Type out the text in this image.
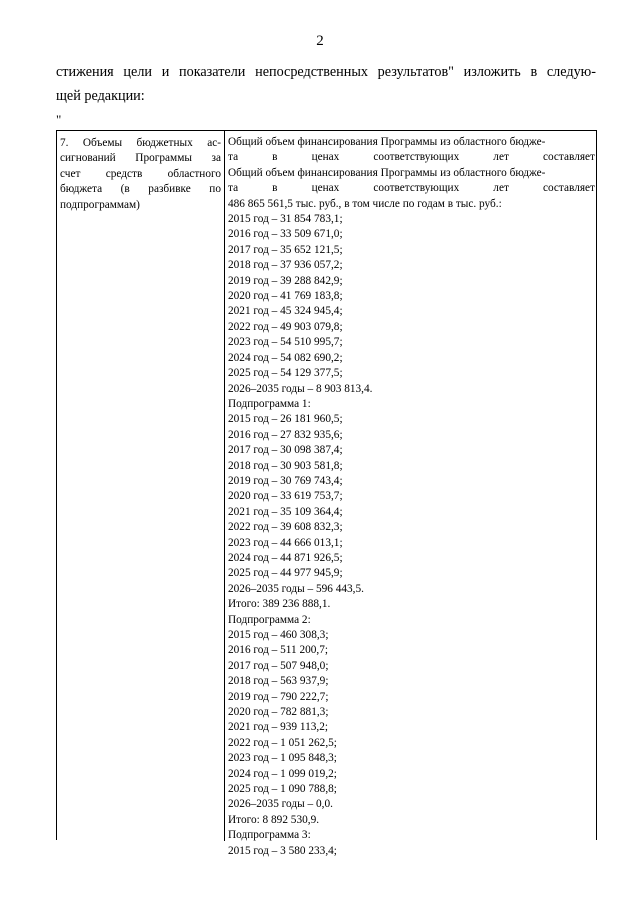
2
стижения цели и показатели непосредственных результатов" изложить в следую-
щей редакции:
"
7. Объемы бюджетных ас-
сигнований Программы за
счет средств областного
бюджета (в разбивке по
подпрограммам)
Общий объем финансирования Программы из областного бюдже-
та в ценах соответствующих лет составляет
Общий объем финансирования Программы из областного бюдже-
та в ценах соответствующих лет составляет
486 865 561,5 тыс. руб., в том числе по годам в тыс. руб.:
2015 год – 31 854 783,1;
2016 год – 33 509 671,0;
2017 год – 35 652 121,5;
2018 год – 37 936 057,2;
2019 год – 39 288 842,9;
2020 год – 41 769 183,8;
2021 год – 45 324 945,4;
2022 год – 49 903 079,8;
2023 год – 54 510 995,7;
2024 год – 54 082 690,2;
2025 год – 54 129 377,5;
2026–2035 годы – 8 903 813,4.
Подпрограмма 1:
2015 год – 26 181 960,5;
2016 год – 27 832 935,6;
2017 год – 30 098 387,4;
2018 год – 30 903 581,8;
2019 год – 30 769 743,4;
2020 год – 33 619 753,7;
2021 год – 35 109 364,4;
2022 год – 39 608 832,3;
2023 год – 44 666 013,1;
2024 год – 44 871 926,5;
2025 год – 44 977 945,9;
2026–2035 годы – 596 443,5.
Итого: 389 236 888,1.
Подпрограмма 2:
2015 год – 460 308,3;
2016 год – 511 200,7;
2017 год – 507 948,0;
2018 год – 563 937,9;
2019 год – 790 222,7;
2020 год – 782 881,3;
2021 год – 939 113,2;
2022 год – 1 051 262,5;
2023 год – 1 095 848,3;
2024 год – 1 099 019,2;
2025 год – 1 090 788,8;
2026–2035 годы – 0,0.
Итого: 8 892 530,9.
Подпрограмма 3:
2015 год – 3 580 233,4;
